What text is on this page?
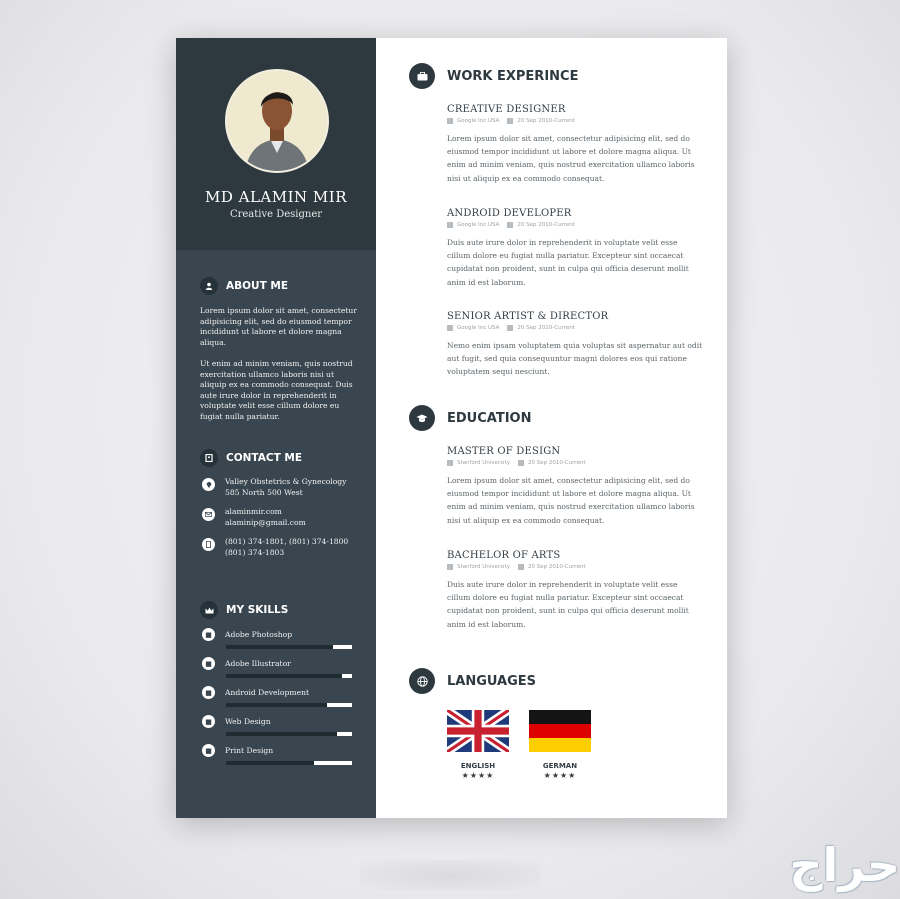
MD ALAMIN MIR
Creative Designer
ABOUT ME
Lorem ipsum dolor sit amet, consectetur adipisicing elit, sed do eiusmod tempor incididunt ut labore et dolore magna aliqua.
Ut enim ad minim veniam, quis nostrud exercitation ullamco laboris nisi ut aliquip ex ea commodo consequat. Duis aute irure dolor in reprehenderit in voluptate velit esse cillum dolore eu fugiat nulla pariatur.
CONTACT ME
Valley Obstetrics & Gynecology
585 North 500 West
alaminmir.com
alaminip@gmail.com
(801) 374-1801, (801) 374-1800
(801) 374-1803
MY SKILLS
■	Adobe Photoshop
■	Adobe Illustrator
■	Android Development
■	Web Design
■	Print Design
WORK EXPERINCE
CREATIVE DESIGNER
Google Inc USA	20 Sep 2010-Current
Lorem ipsum dolor sit amet, consectetur adipisicing elit, sed do eiusmod tempor incididunt ut labore et dolore magna aliqua. Ut enim ad minim veniam, quis nostrud exercitation ullamco laboris nisi ut aliquip ex ea commodo consequat.
ANDROID DEVELOPER
Google Inc USA	20 Sep 2010-Current
Duis aute irure dolor in reprehenderit in voluptate velit esse cillum dolore eu fugiat nulla pariatur. Excepteur sint occaecat cupidatat non proident, sunt in culpa qui officia deserunt mollit anim id est laborum.
SENIOR ARTIST & DIRECTOR
Google Inc USA	20 Sep 2010-Current
Nemo enim ipsam voluptatem quia voluptas sit aspernatur aut odit aut fugit, sed quia consequuntur magni dolores eos qui ratione voluptatem sequi nesciunt.
EDUCATION
MASTER OF DESIGN
Stanford University	20 Sep 2010-Current
Lorem ipsum dolor sit amet, consectetur adipisicing elit, sed do eiusmod tempor incididunt ut labore et dolore magna aliqua. Ut enim ad minim veniam, quis nostrud exercitation ullamco laboris nisi ut aliquip ex ea commodo consequat.
BACHELOR OF ARTS
Stanford University	20 Sep 2010-Current
Duis aute irure dolor in reprehenderit in voluptate velit esse cillum dolore eu fugiat nulla pariatur. Excepteur sint occaecat cupidatat non proident, sunt in culpa qui officia deserunt mollit anim id est laborum.
LANGUAGES
ENGLISH
★★★★
GERMAN
★★★★
حراج
